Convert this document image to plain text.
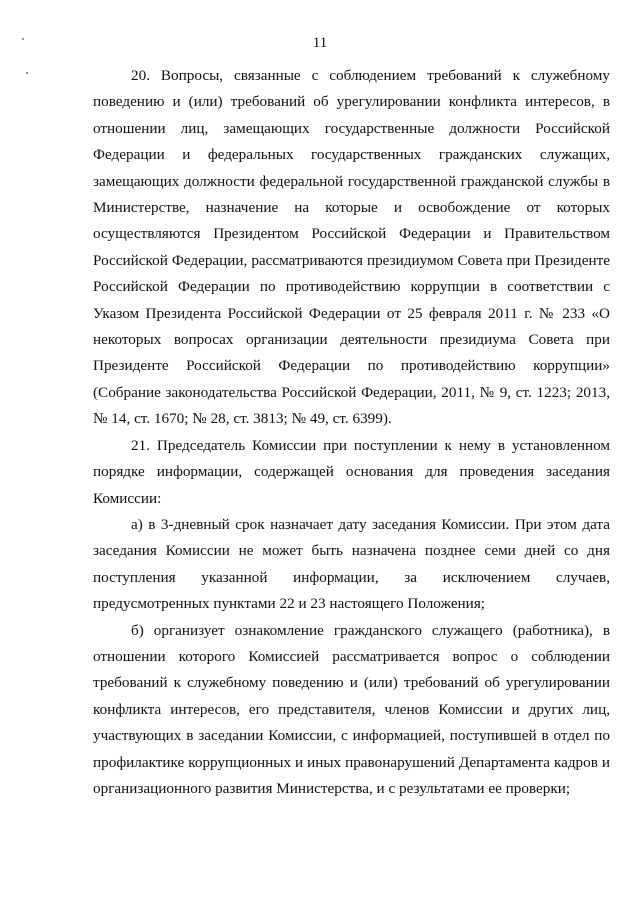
11

20. Вопросы, связанные с соблюдением требований к служебному поведению и (или) требований об урегулировании конфликта интересов, в отношении лиц, замещающих государственные должности Российской Федерации и федеральных государственных гражданских служащих, замещающих должности федеральной государственной гражданской службы в Министерстве, назначение на которые и освобождение от которых осуществляются Президентом Российской Федерации и Правительством Российской Федерации, рассматриваются президиумом Совета при Президенте Российской Федерации по противодействию коррупции в соответствии с Указом Президента Российской Федерации от 25 февраля 2011 г. № 233 «О некоторых вопросах организации деятельности президиума Совета при Президенте Российской Федерации по противодействию коррупции» (Собрание законодательства Российской Федерации, 2011, № 9, ст. 1223; 2013, № 14, ст. 1670; № 28, ст. 3813; № 49, ст. 6399).

21. Председатель Комиссии при поступлении к нему в установленном порядке информации, содержащей основания для проведения заседания Комиссии:

а) в 3-дневный срок назначает дату заседания Комиссии. При этом дата заседания Комиссии не может быть назначена позднее семи дней со дня поступления указанной информации, за исключением случаев, предусмотренных пунктами 22 и 23 настоящего Положения;

б) организует ознакомление гражданского служащего (работника), в отношении которого Комиссией рассматривается вопрос о соблюдении требований к служебному поведению и (или) требований об урегулировании конфликта интересов, его представителя, членов Комиссии и других лиц, участвующих в заседании Комиссии, с информацией, поступившей в отдел по профилактике коррупционных и иных правонарушений Департамента кадров и организационного развития Министерства, и с результатами ее проверки;
